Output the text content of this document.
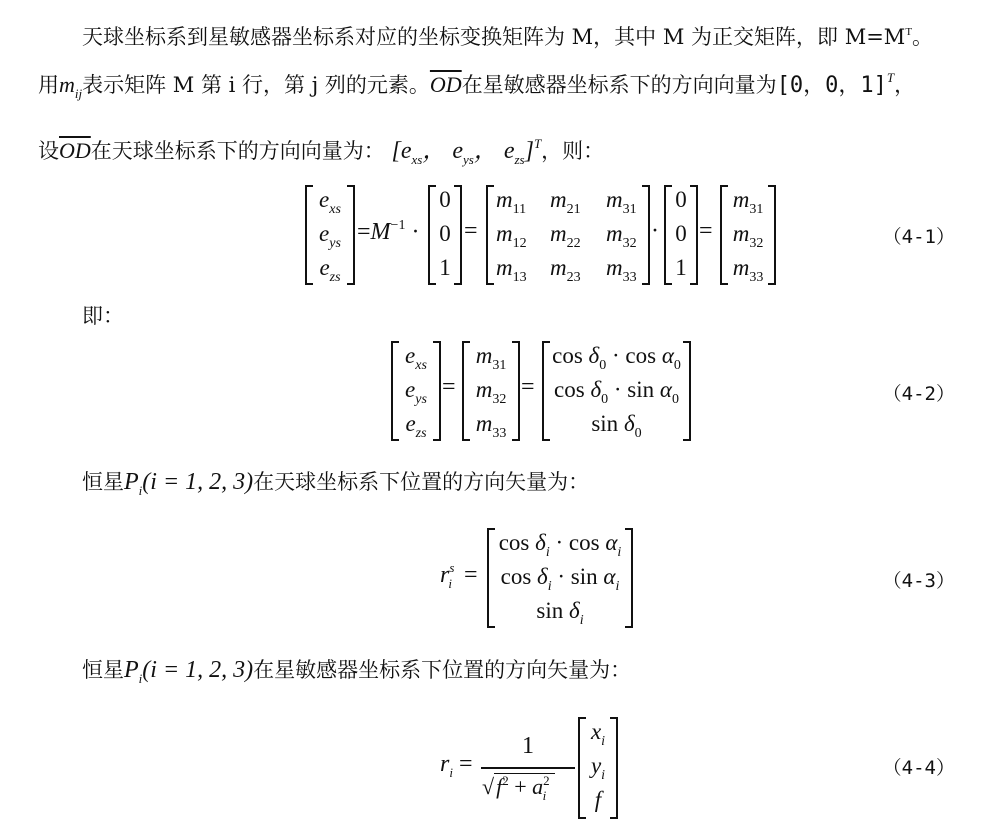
天球坐标系到星敏感器坐标系对应的坐标变换矩阵为 M，其中 M 为正交矩阵，即 $M=M^T$。
用$m_{ij}$表示矩阵 M 第 i 行，第 j 列的元素。$\overline{OD}$在星敏感器坐标系下的方向向量为[0，0，1]$^T$，
设$\overline{OD}$在天球坐标系下的方向向量为： [$e_{xs}$， $e_{ys}$， $e_{zs}]^T$，则：
$e_{xs}$
$e_{ys}$
$e_{zs}$
$=M^{-1}$ ·
0
0
1
=
$m_{11}$ $m_{21}$ $m_{31}$
$m_{12}$ $m_{22}$ $m_{32}$
$m_{13}$ $m_{23}$ $m_{33}$
·
0
0
1
=
$m_{31}$
$m_{32}$
$m_{33}$
（4-1）
即：
$e_{xs}$
$e_{ys}$
$e_{zs}$
=
$m_{31}$
$m_{32}$
$m_{33}$
=
$\cos \delta_0 \cdot \cos \alpha_0$
$\cos \delta_0 \cdot \sin \alpha_0$
$\sin \delta_0$
（4-2）
恒星$P_i(i = 1$, 2, 3)在天球坐标系下位置的方向矢量为：
$r^s_i$ =
$\cos \delta_i \cdot \cos \alpha_i$
$\cos \delta_i \cdot \sin \alpha_i$
$\sin \delta_i$
（4-3）
恒星$P_i(i = 1$, 2, 3)在星敏感器坐标系下位置的方向矢量为：
$r_i$ =
1
$√f^2 + a^2_i$
$x_i$
$y_i$
f
（4-4）
